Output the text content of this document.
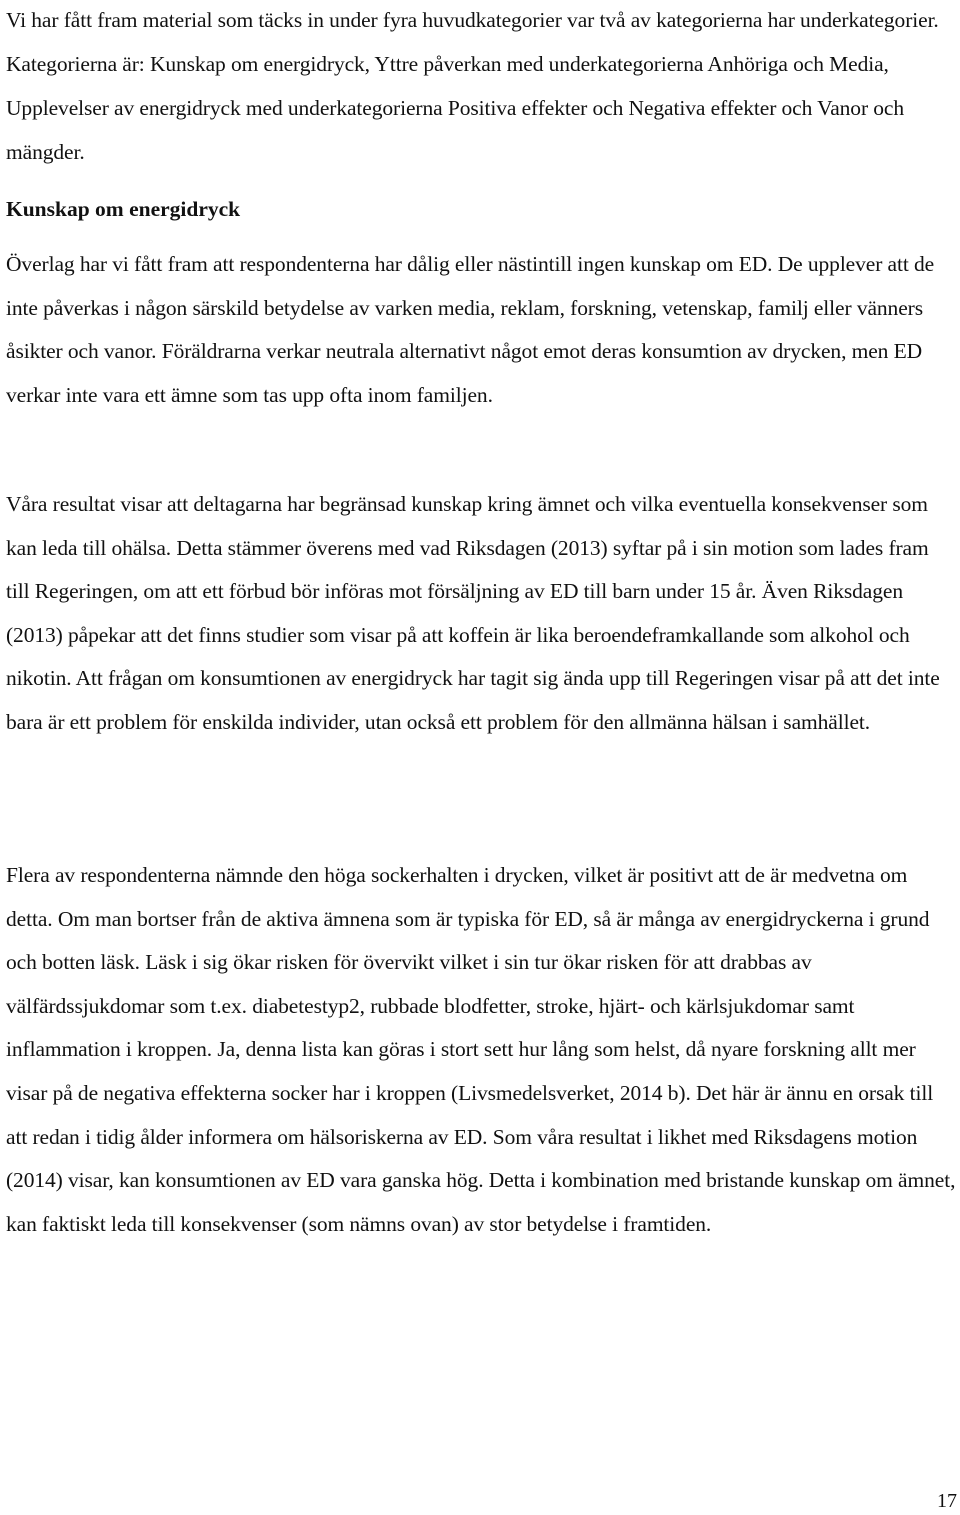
Vi har fått fram material som täcks in under fyra huvudkategorier var två av kategorierna har underkategorier. Kategorierna är: Kunskap om energidryck, Yttre påverkan med underkategorierna Anhöriga och Media, Upplevelser av energidryck med underkategorierna Positiva effekter och Negativa effekter och Vanor och mängder.

Kunskap om energidryck

Överlag har vi fått fram att respondenterna har dålig eller nästintill ingen kunskap om ED. De upplever att de inte påverkas i någon särskild betydelse av varken media, reklam, forskning, vetenskap, familj eller vänners åsikter och vanor. Föräldrarna verkar neutrala alternativt något emot deras konsumtion av drycken, men ED verkar inte vara ett ämne som tas upp ofta inom familjen.

Våra resultat visar att deltagarna har begränsad kunskap kring ämnet och vilka eventuella konsekvenser som kan leda till ohälsa. Detta stämmer överens med vad Riksdagen (2013) syftar på i sin motion som lades fram till Regeringen, om att ett förbud bör införas mot försäljning av ED till barn under 15 år. Även Riksdagen (2013) påpekar att det finns studier som visar på att koffein är lika beroendeframkallande som alkohol och nikotin. Att frågan om konsumtionen av energidryck har tagit sig ända upp till Regeringen visar på att det inte bara är ett problem för enskilda individer, utan också ett problem för den allmänna hälsan i samhället.

Flera av respondenterna nämnde den höga sockerhalten i drycken, vilket är positivt att de är medvetna om detta. Om man bortser från de aktiva ämnena som är typiska för ED, så är många av energidryckerna i grund och botten läsk. Läsk i sig ökar risken för övervikt vilket i sin tur ökar risken för att drabbas av välfärdssjukdomar som t.ex. diabetestyp2, rubbade blodfetter, stroke, hjärt- och kärlsjukdomar samt inflammation i kroppen. Ja, denna lista kan göras i stort sett hur lång som helst, då nyare forskning allt mer visar på de negativa effekterna socker har i kroppen (Livsmedelsverket, 2014 b). Det här är ännu en orsak till att redan i tidig ålder informera om hälsoriskerna av ED. Som våra resultat i likhet med Riksdagens motion (2014) visar, kan konsumtionen av ED vara ganska hög. Detta i kombination med bristande kunskap om ämnet, kan faktiskt leda till konsekvenser (som nämns ovan) av stor betydelse i framtiden.

17
